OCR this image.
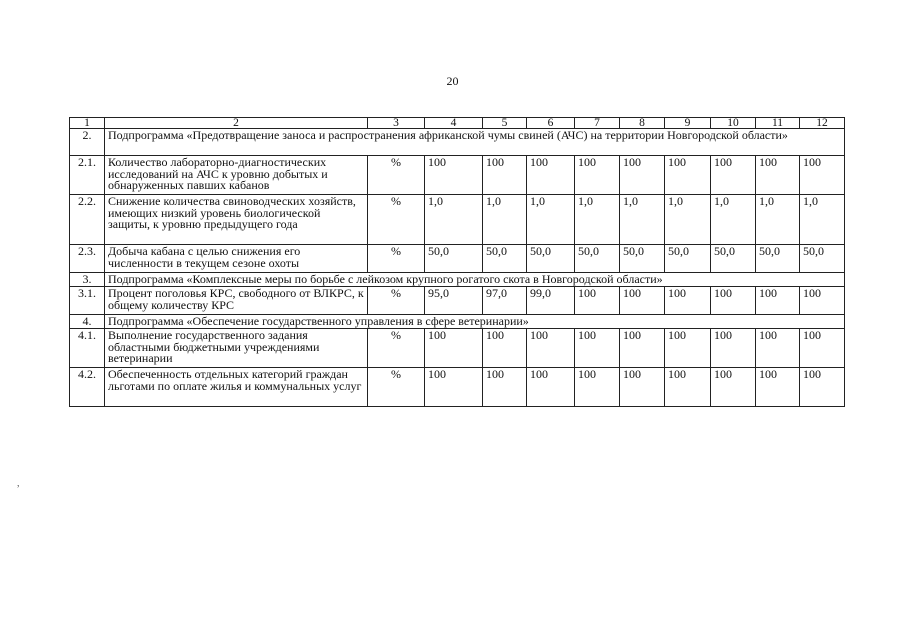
20
,
1	2	3	4	5	6	7	8	9	10	11	12
2.	Подпрограмма «Предотвращение заноса и распространения африканской чумы свиней (АЧС) на территории Новгородской области»										
2.1.	Количество лабораторно-диагностических исследований на АЧС к уровню добытых и обнаруженных павших кабанов	%	100	100	100	100	100	100	100	100	100
2.2.	Снижение количества свиноводческих хозяйств, имеющих низкий уровень биологической защиты, к уровню предыдущего года	%	1,0	1,0	1,0	1,0	1,0	1,0	1,0	1,0	1,0
2.3.	Добыча кабана с целью снижения его численности в текущем сезоне охоты	%	50,0	50,0	50,0	50,0	50,0	50,0	50,0	50,0	50,0
3.	Подпрограмма «Комплексные меры по борьбе с лейкозом крупного рогатого скота в Новгородской области»										
3.1.	Процент поголовья КРС, свободного от ВЛКРС, к общему количеству КРС	%	95,0	97,0	99,0	100	100	100	100	100	100
4.	Подпрограмма «Обеспечение государственного управления в сфере ветеринарии»										
4.1.	Выполнение государственного задания областными бюджетными учреждениями ветеринарии	%	100	100	100	100	100	100	100	100	100
4.2.	Обеспеченность отдельных категорий граждан льготами по оплате жилья и коммунальных услуг	%	100	100	100	100	100	100	100	100	100
